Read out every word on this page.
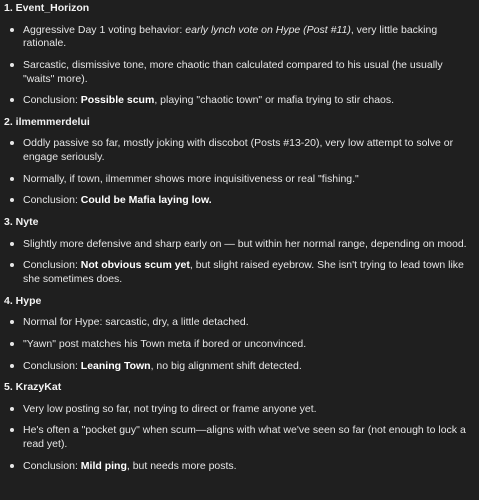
1. Event_Horizon
Aggressive Day 1 voting behavior: early lynch vote on Hype (Post #11), very little backing rationale.
Sarcastic, dismissive tone, more chaotic than calculated compared to his usual (he usually "waits" more).
Conclusion: Possible scum, playing "chaotic town" or mafia trying to stir chaos.
2. ilmemmerdelui
Oddly passive so far, mostly joking with discobot (Posts #13-20), very low attempt to solve or engage seriously.
Normally, if town, ilmemmer shows more inquisitiveness or real "fishing."
Conclusion: Could be Mafia laying low.
3. Nyte
Slightly more defensive and sharp early on — but within her normal range, depending on mood.
Conclusion: Not obvious scum yet, but slight raised eyebrow. She isn't trying to lead town like she sometimes does.
4. Hype
Normal for Hype: sarcastic, dry, a little detached.
"Yawn" post matches his Town meta if bored or unconvinced.
Conclusion: Leaning Town, no big alignment shift detected.
5. KrazyKat
Very low posting so far, not trying to direct or frame anyone yet.
He's often a "pocket guy" when scum—aligns with what we've seen so far (not enough to lock a read yet).
Conclusion: Mild ping, but needs more posts.
